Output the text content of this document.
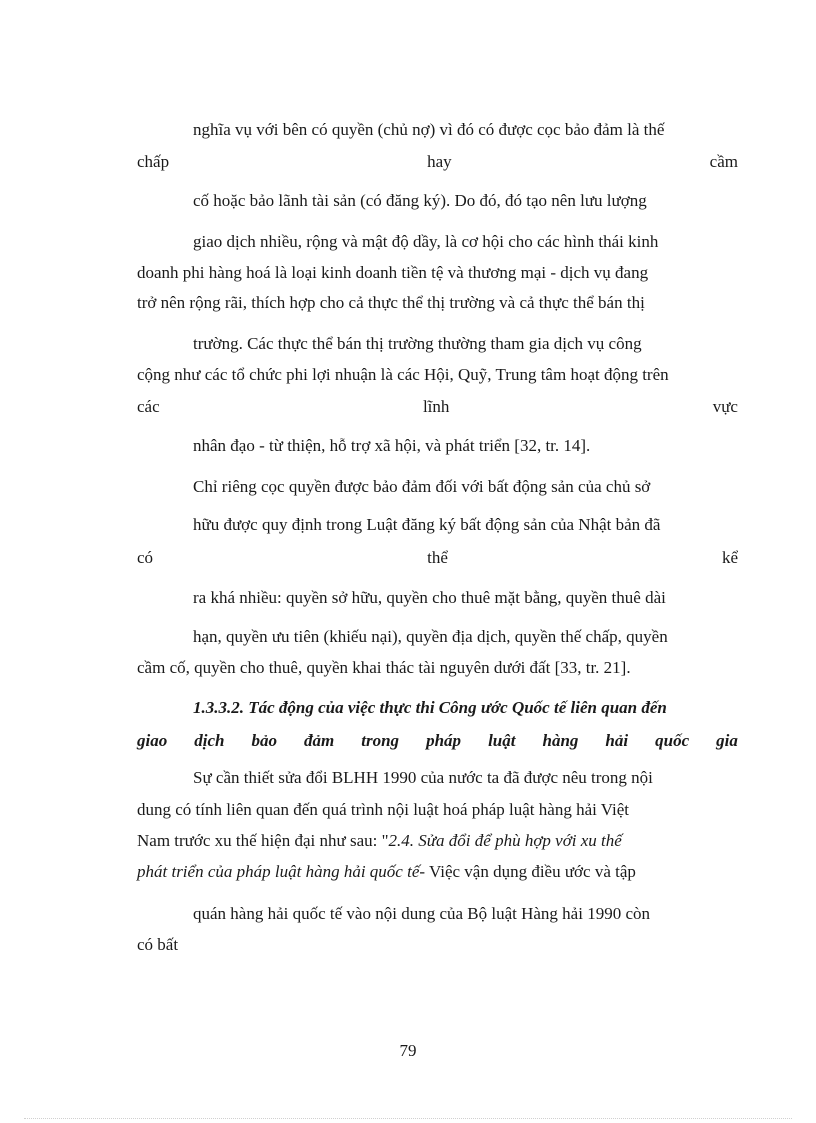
nghĩa vụ với bên có quyền (chủ nợ) vì đó có được cọc bảo đảm là thế
chấp	hay	cầm
cố hoặc bảo lãnh tài sản (có đăng ký). Do đó, đó tạo nên lưu lượng
giao dịch nhiều, rộng và mật độ dầy, là cơ hội cho các hình thái kinh
doanh phi hàng hoá là loại kinh doanh tiền tệ và thương mại - dịch vụ đang
trở nên rộng rãi, thích hợp cho cả thực thể thị trường và cả thực thể bán thị
trường. Các thực thể bán thị trường thường tham gia dịch vụ công
cộng như các tổ chức phi lợi nhuận là các Hội, Quỹ, Trung tâm hoạt động trên
các	lĩnh	vực
nhân đạo - từ thiện, hỗ trợ xã hội, và phát triển [32, tr. 14].
Chỉ riêng cọc quyền được bảo đảm đối với bất động sản của chủ sở
hữu được quy định trong Luật đăng ký bất động sản của Nhật bản đã
có	thể	kể
ra khá nhiều: quyền sở hữu, quyền cho thuê mặt bằng, quyền thuê dài
hạn, quyền ưu tiên (khiếu nại), quyền địa dịch, quyền thế chấp, quyền
cầm cố, quyền cho thuê, quyền khai thác tài nguyên dưới đất [33, tr. 21].
1.3.3.2. Tác động của việc thực thi Công ước Quốc tế liên quan đến
giao dịch bảo đảm trong pháp luật hàng hải quốc gia
Sự cần thiết sửa đổi BLHH 1990 của nước ta đã được nêu trong nội
dung có tính liên quan đến quá trình nội luật hoá pháp luật hàng hải Việt
Nam trước xu thế hiện đại như sau: "2.4. Sửa đổi để phù hợp với xu thế
phát triển của pháp luật hàng hải quốc tế- Việc vận dụng điều ước và tập
quán hàng hải quốc tế vào nội dung của Bộ luật Hàng hải 1990 còn
có bất
79
